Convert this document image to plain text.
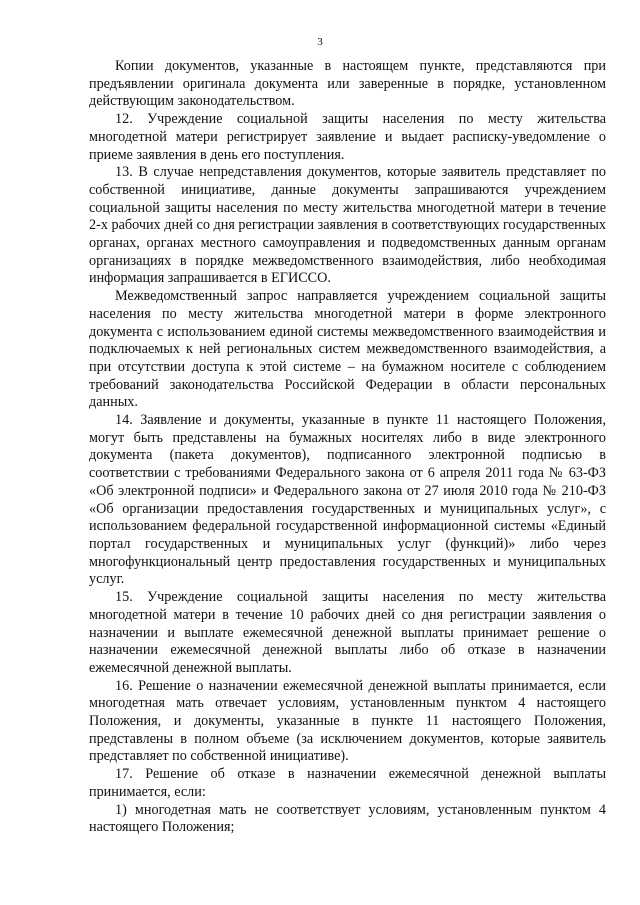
3

Копии документов, указанные в настоящем пункте, представляются при предъявлении оригинала документа или заверенные в порядке, установленном действующим законодательством.

12. Учреждение социальной защиты населения по месту жительства многодетной матери регистрирует заявление и выдает расписку-уведомление о приеме заявления в день его поступления.

13. В случае непредставления документов, которые заявитель представляет по собственной инициативе, данные документы запрашиваются учреждением социальной защиты населения по месту жительства многодетной матери в течение 2-х рабочих дней со дня регистрации заявления в соответствующих государственных органах, органах местного самоуправления и подведомственных данным органам организациях в порядке межведомственного взаимодействия, либо необходимая информация запрашивается в ЕГИССО.

Межведомственный запрос направляется учреждением социальной защиты населения по месту жительства многодетной матери в форме электронного документа с использованием единой системы межведомственного взаимодействия и подключаемых к ней региональных систем межведомственного взаимодействия, а при отсутствии доступа к этой системе – на бумажном носителе с соблюдением требований законодательства Российской Федерации в области персональных данных.

14. Заявление и документы, указанные в пункте 11 настоящего Положения, могут быть представлены на бумажных носителях либо в виде электронного документа (пакета документов), подписанного электронной подписью в соответствии с требованиями Федерального закона от 6 апреля 2011 года № 63-ФЗ «Об электронной подписи» и Федерального закона от 27 июля 2010 года № 210-ФЗ «Об организации предоставления государственных и муниципальных услуг», с использованием федеральной государственной информационной системы «Единый портал государственных и муниципальных услуг (функций)» либо через многофункциональный центр предоставления государственных и муниципальных услуг.

15. Учреждение социальной защиты населения по месту жительства многодетной матери в течение 10 рабочих дней со дня регистрации заявления о назначении и выплате ежемесячной денежной выплаты принимает решение о назначении ежемесячной денежной выплаты либо об отказе в назначении ежемесячной денежной выплаты.

16. Решение о назначении ежемесячной денежной выплаты принимается, если многодетная мать отвечает условиям, установленным пунктом 4 настоящего Положения, и документы, указанные в пункте 11 настоящего Положения, представлены в полном объеме (за исключением документов, которые заявитель представляет по собственной инициативе).

17. Решение об отказе в назначении ежемесячной денежной выплаты принимается, если:

1) многодетная мать не соответствует условиям, установленным пунктом 4 настоящего Положения;
